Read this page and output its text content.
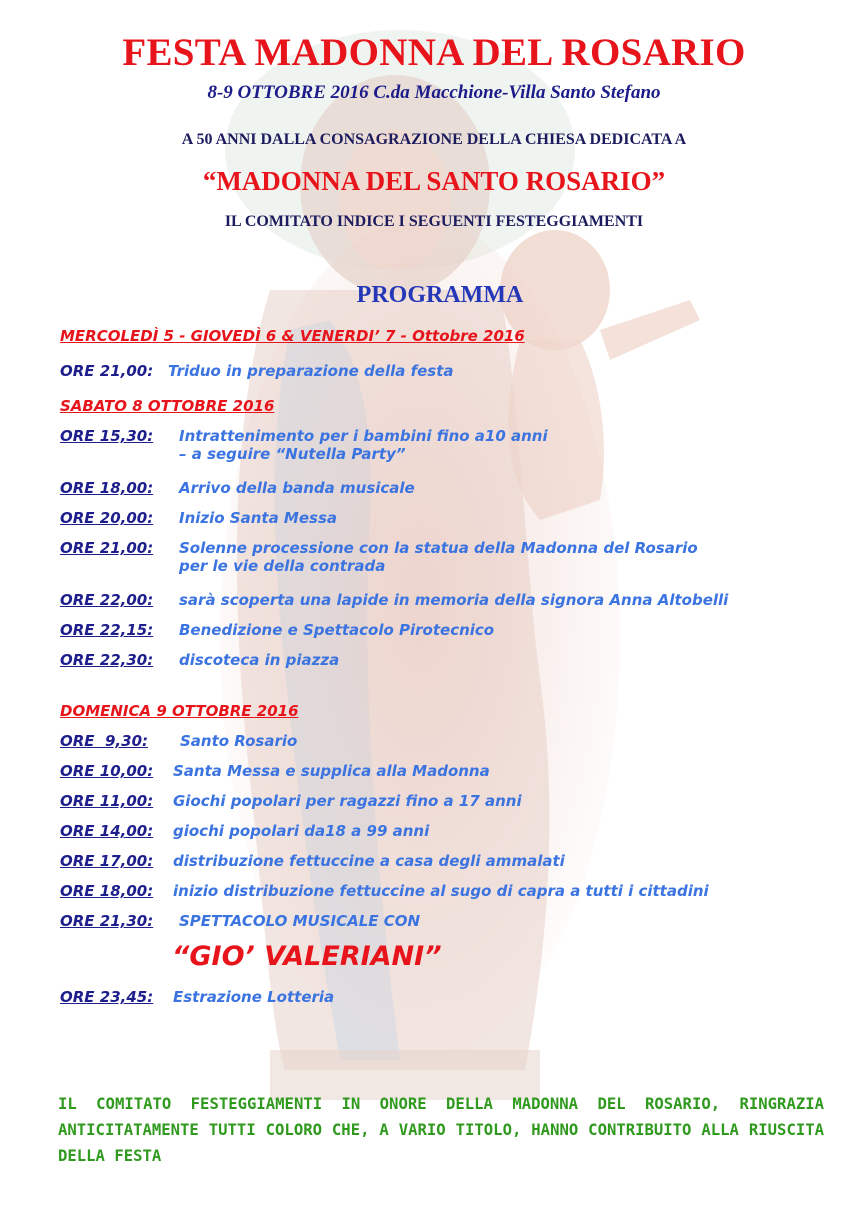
FESTA MADONNA DEL ROSARIO
8-9 OTTOBRE 2016 C.da Macchione-Villa Santo Stefano
A 50 ANNI DALLA CONSAGRAZIONE DELLA CHIESA DEDICATA A
“MADONNA DEL SANTO ROSARIO”
IL COMITATO INDICE I SEGUENTI FESTEGGIAMENTI
PROGRAMMA
MERCOLEDÌ 5 - GIOVEDÌ 6 & VENERDI’ 7 - Ottobre 2016
ORE 21,00: Triduo in preparazione della festa
SABATO 8 OTTOBRE 2016
ORE 15,30: Intrattenimento per i bambini fino a10 anni
– a seguire “Nutella Party”
ORE 18,00: Arrivo della banda musicale
ORE 20,00: Inizio Santa Messa
ORE 21,00: Solenne processione con la statua della Madonna del Rosario
per le vie della contrada
ORE 22,00: sarà scoperta una lapide in memoria della signora Anna Altobelli
ORE 22,15: Benedizione e Spettacolo Pirotecnico
ORE 22,30: discoteca in piazza
DOMENICA 9 OTTOBRE 2016
ORE  9,30: Santo Rosario
ORE 10,00: Santa Messa e supplica alla Madonna
ORE 11,00: Giochi popolari per ragazzi fino a 17 anni
ORE 14,00: giochi popolari da18 a 99 anni
ORE 17,00: distribuzione fettuccine a casa degli ammalati
ORE 18,00: inizio distribuzione fettuccine al sugo di capra a tutti i cittadini
ORE 21,30: SPETTACOLO MUSICALE CON
“GIO’ VALERIANI”
ORE 23,45: Estrazione Lotteria
IL COMITATO FESTEGGIAMENTI IN ONORE DELLA MADONNA DEL ROSARIO, RINGRAZIA ANTICITATAMENTE TUTTI COLORO CHE, A VARIO TITOLO, HANNO CONTRIBUITO ALLA RIUSCITA DELLA FESTA
